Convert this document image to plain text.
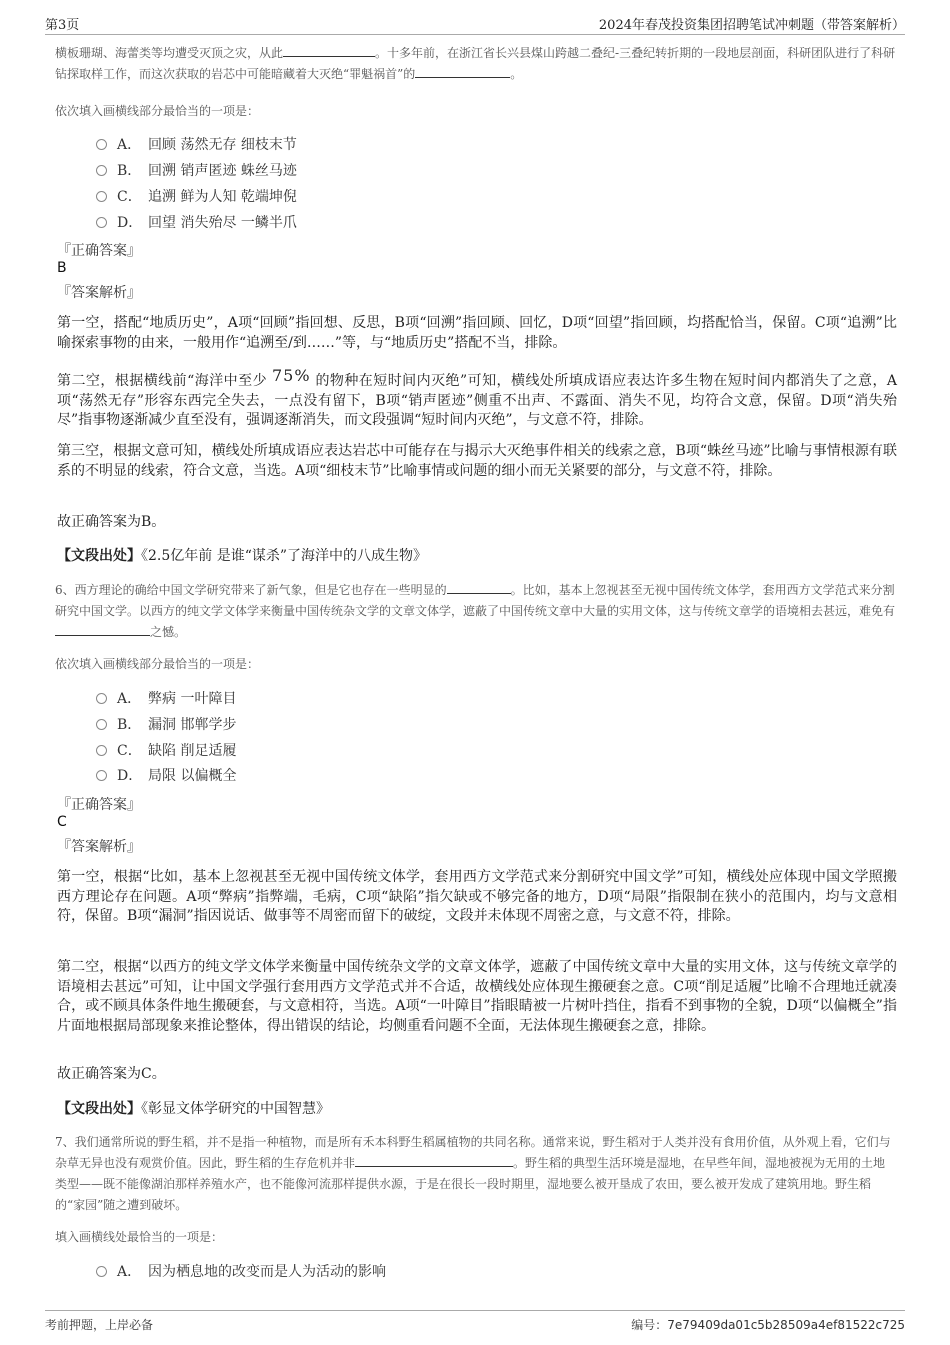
第3页	2024年春茂投资集团招聘笔试冲刺题（带答案解析）
横板珊瑚、海蕾类等均遭受灭顶之灾，从此	。十多年前，在浙江省长兴县煤山跨越二叠纪-三叠纪转折期的一段地层剖面，科研团队进行了科研钻探取样工作，而这次获取的岩芯中可能暗藏着大灭绝“罪魁祸首”的	。
依次填入画横线部分最恰当的一项是：
A． 回顾 荡然无存 细枝末节
B． 回溯 销声匿迹 蛛丝马迹
C． 追溯 鲜为人知 乾端坤倪
D． 回望 消失殆尽 一鳞半爪
『正确答案』
B
『答案解析』
第一空，搭配“地质历史”，A项“回顾”指回想、反思，B项“回溯”指回顾、回忆，D项“回望”指回顾，均搭配恰当，保留。C项“追溯”比喻探索事物的由来，一般用作“追溯至/到……”等，与“地质历史”搭配不当，排除。
第二空，根据横线前“海洋中至少 75% 的物种在短时间内灭绝”可知，横线处所填成语应表达许多生物在短时间内都消失了之意，A项“荡然无存”形容东西完全失去，一点没有留下，B项“销声匿迹”侧重不出声、不露面、消失不见，均符合文意，保留。D项“消失殆尽”指事物逐渐减少直至没有，强调逐渐消失，而文段强调“短时间内灭绝”，与文意不符，排除。
第三空，根据文意可知，横线处所填成语应表达岩芯中可能存在与揭示大灭绝事件相关的线索之意，B项“蛛丝马迹”比喻与事情根源有联系的不明显的线索，符合文意，当选。A项“细枝末节”比喻事情或问题的细小而无关紧要的部分，与文意不符，排除。
故正确答案为B。
【文段出处】《2.5亿年前 是谁“谋杀”了海洋中的八成生物》
6、西方理论的确给中国文学研究带来了新气象，但是它也存在一些明显的	。比如，基本上忽视甚至无视中国传统文体学，套用西方文学范式来分割研究中国文学。以西方的纯文学文体学来衡量中国传统杂文学的文章文体学，遮蔽了中国传统文章中大量的实用文体，这与传统文章学的语境相去甚远，难免有之憾。
依次填入画横线部分最恰当的一项是：
A． 弊病 一叶障目
B． 漏洞 邯郸学步
C． 缺陷 削足适履
D． 局限 以偏概全
『正确答案』
C
『答案解析』
第一空，根据“比如，基本上忽视甚至无视中国传统文体学，套用西方文学范式来分割研究中国文学”可知，横线处应体现中国文学照搬西方理论存在问题。A项“弊病”指弊端，毛病，C项“缺陷”指欠缺或不够完备的地方，D项“局限”指限制在狭小的范围内，均与文意相符，保留。B项“漏洞”指因说话、做事等不周密而留下的破绽，文段并未体现不周密之意，与文意不符，排除。
第二空，根据“以西方的纯文学文体学来衡量中国传统杂文学的文章文体学，遮蔽了中国传统文章中大量的实用文体，这与传统文章学的语境相去甚远”可知，让中国文学强行套用西方文学范式并不合适，故横线处应体现生搬硬套之意。C项“削足适履”比喻不合理地迁就凑合，或不顾具体条件地生搬硬套，与文意相符，当选。A项“一叶障目”指眼睛被一片树叶挡住，指看不到事物的全貌，D项“以偏概全”指片面地根据局部现象来推论整体，得出错误的结论，均侧重看问题不全面，无法体现生搬硬套之意，排除。
故正确答案为C。
【文段出处】《彰显文体学研究的中国智慧》
7、我们通常所说的野生稻，并不是指一种植物，而是所有禾本科野生稻属植物的共同名称。通常来说，野生稻对于人类并没有食用价值，从外观上看，它们与杂草无异也没有观赏价值。因此，野生稻的生存危机并非	。野生稻的典型生活环境是湿地，在早些年间，湿地被视为无用的土地类型——既不能像湖泊那样养殖水产，也不能像河流那样提供水源，于是在很长一段时期里，湿地要么被开垦成了农田，要么被开发成了建筑用地。野生稻的“家园”随之遭到破坏。
填入画横线处最恰当的一项是：
A． 因为栖息地的改变而是人为活动的影响
考前押题，上岸必备	编号：7e79409da01c5b28509a4ef81522c725
